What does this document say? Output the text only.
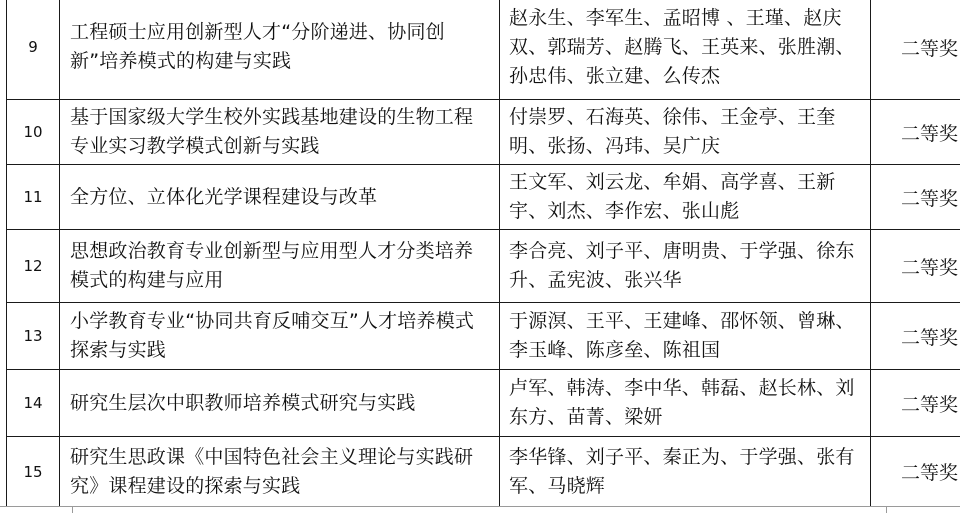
9	工程硕士应用创新型人才“分阶递进、协同创新”培养模式的构建与实践	赵永生、李军生、孟昭博 、王瑾、赵庆双、郭瑞芳、赵腾飞、王英来、张胜潮、孙忠伟、张立建、么传杰	二等奖
10	基于国家级大学生校外实践基地建设的生物工程专业实习教学模式创新与实践	付崇罗、石海英、徐伟、王金亭、王奎明、张扬、冯玮、吴广庆	二等奖
11	全方位、立体化光学课程建设与改革	王文军、刘云龙、牟娟、高学喜、王新宇、刘杰、李作宏、张山彪	二等奖
12	思想政治教育专业创新型与应用型人才分类培养模式的构建与应用	李合亮、刘子平、唐明贵、于学强、徐东升、孟宪波、张兴华	二等奖
13	小学教育专业“协同共育反哺交互”人才培养模式探索与实践	于源溟、王平、王建峰、邵怀领、曾琳、李玉峰、陈彦垒、陈祖国	二等奖
14	研究生层次中职教师培养模式研究与实践	卢军、韩涛、李中华、韩磊、赵长林、刘东方、苗菁、梁妍	二等奖
15	研究生思政课《中国特色社会主义理论与实践研究》课程建设的探索与实践	李华锋、刘子平、秦正为、于学强、张有军、马晓辉	二等奖
